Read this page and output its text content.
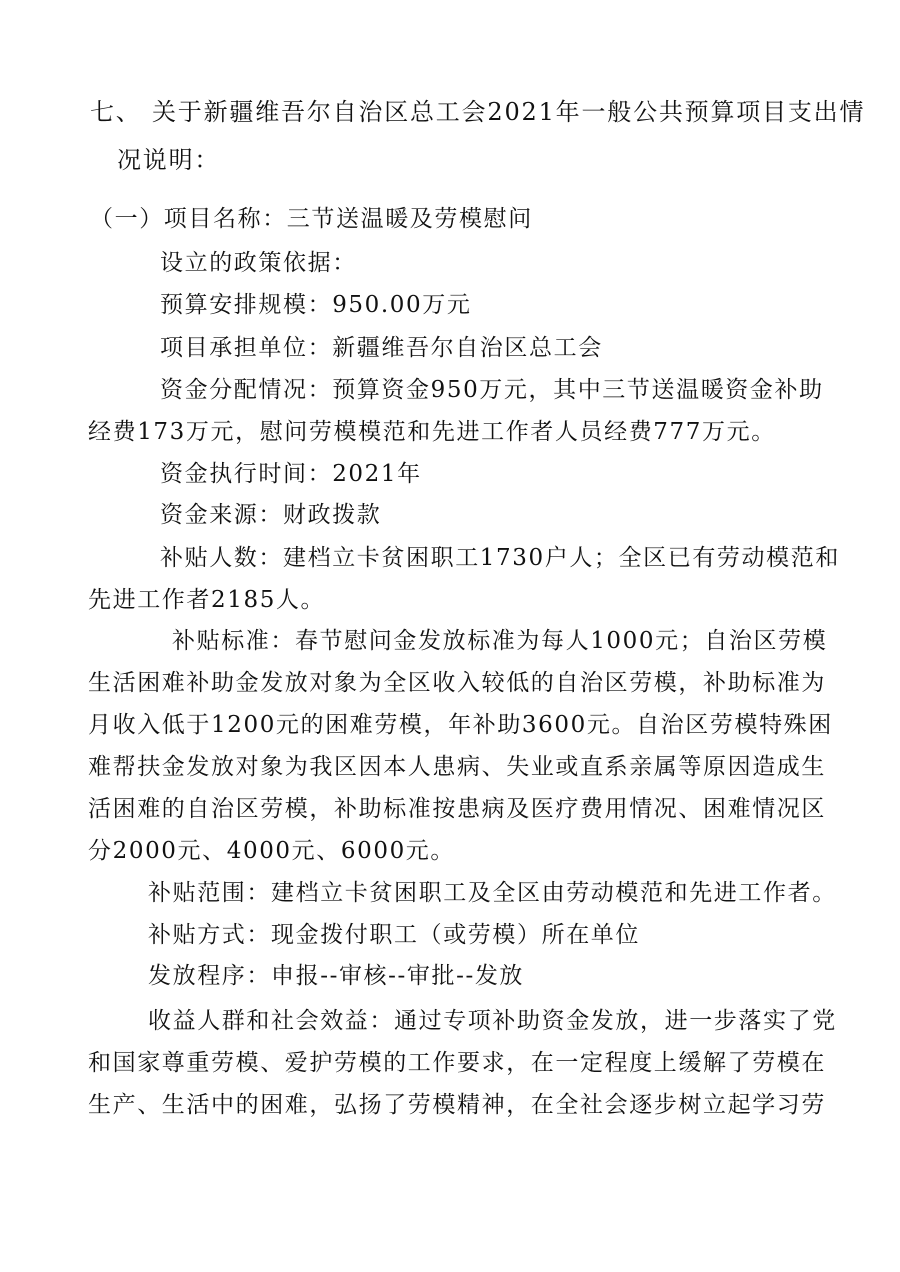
七、 关于新疆维吾尔自治区总工会2021年一般公共预算项目支出情
况说明：
（一）项目名称：三节送温暖及劳模慰问
设立的政策依据：
预算安排规模：950.00万元
项目承担单位：新疆维吾尔自治区总工会
资金分配情况：预算资金950万元，其中三节送温暖资金补助
经费173万元，慰问劳模模范和先进工作者人员经费777万元。
资金执行时间：2021年
资金来源：财政拨款
补贴人数：建档立卡贫困职工1730户人；全区已有劳动模范和
先进工作者2185人。
补贴标准：春节慰问金发放标准为每人1000元；自治区劳模
生活困难补助金发放对象为全区收入较低的自治区劳模，补助标准为
月收入低于1200元的困难劳模，年补助3600元。自治区劳模特殊困
难帮扶金发放对象为我区因本人患病、失业或直系亲属等原因造成生
活困难的自治区劳模，补助标准按患病及医疗费用情况、困难情况区
分2000元、4000元、6000元。
补贴范围：建档立卡贫困职工及全区由劳动模范和先进工作者。
补贴方式：现金拨付职工（或劳模）所在单位
发放程序：申报--审核--审批--发放
收益人群和社会效益：通过专项补助资金发放，进一步落实了党
和国家尊重劳模、爱护劳模的工作要求，在一定程度上缓解了劳模在
生产、生活中的困难，弘扬了劳模精神，在全社会逐步树立起学习劳
